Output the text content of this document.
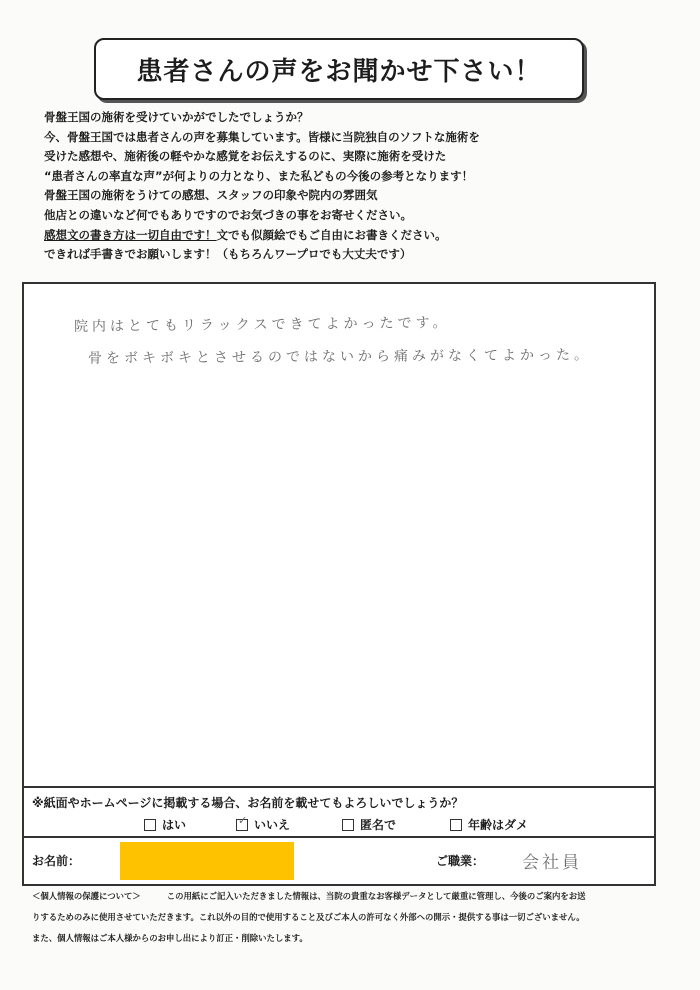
患者さんの声をお聞かせ下さい！
骨盤王国の施術を受けていかがでしたでしょうか？
今、骨盤王国では患者さんの声を募集しています。皆様に当院独自のソフトな施術を
受けた感想や、施術後の軽やかな感覚をお伝えするのに、実際に施術を受けた
“患者さんの率直な声”が何よりの力となり、また私どもの今後の参考となります！
骨盤王国の施術をうけての感想、スタッフの印象や院内の雰囲気
他店との違いなど何でもありですのでお気づきの事をお寄せください。
感想文の書き方は一切自由です！文でも似顔絵でもご自由にお書きください。
できれば手書きでお願いします！（もちろんワープロでも大丈夫です）
院内はとてもリラックスできてよかったです。
骨をボキボキとさせるのではないから痛みがなくてよかった。
※紙面やホームページに掲載する場合、お名前を載せてもよろしいでしょうか？
はい	✓ いいえ	匿名で	年齢はダメ
お名前：	ご職業： 会社員
＜個人情報の保護について＞	この用紙にご記入いただきました情報は、当院の貴重なお客様データとして厳重に管理し、今後のご案内をお送
りするためのみに使用させていただきます。これ以外の目的で使用すること及びご本人の許可なく外部への開示・提供する事は一切ございません。
また、個人情報はご本人様からのお申し出により訂正・削除いたします。
